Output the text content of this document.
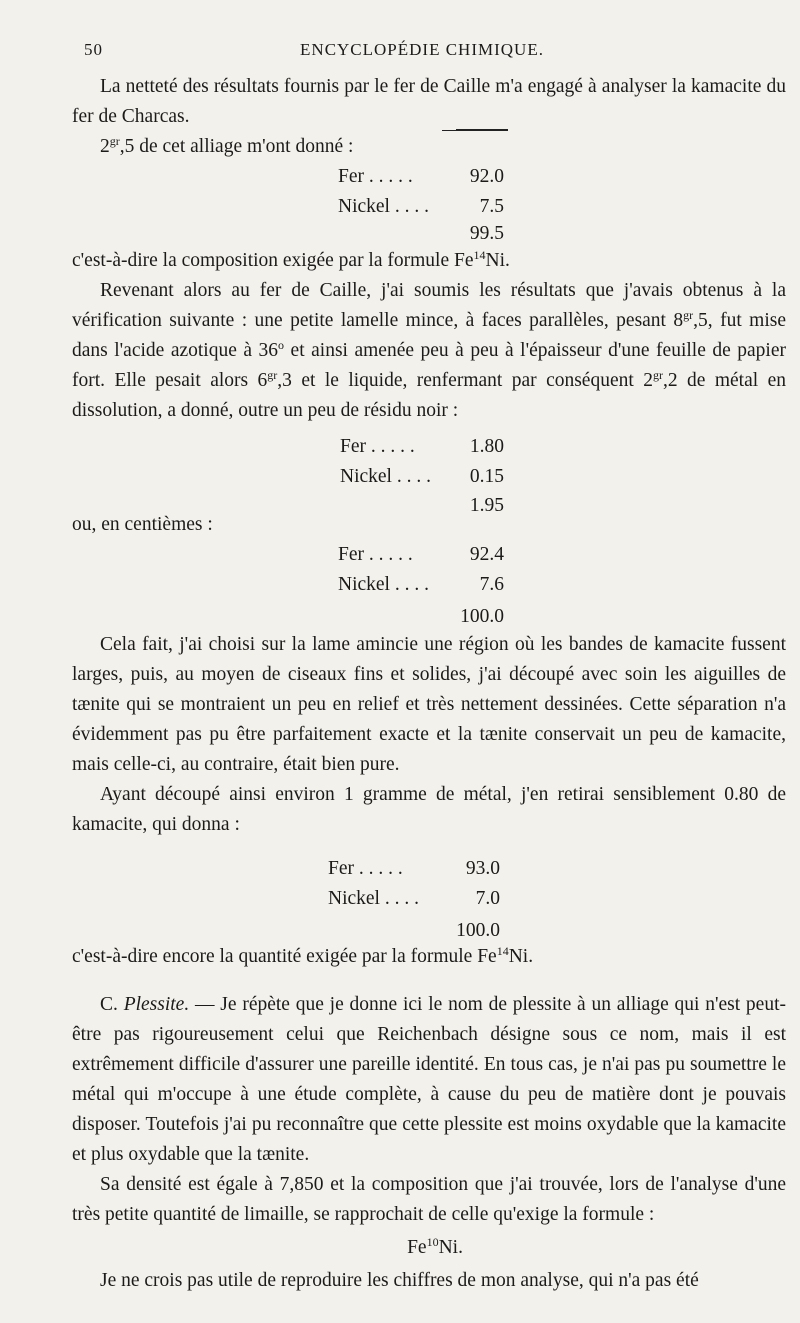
50	ENCYCLOPÉDIE CHIMIQUE.

La netteté des résultats fournis par le fer de Caille m'a engagé à analyser la kamacite du fer de Charcas.

$2^{gr},5$ de cet alliage m'ont donné :

Fer . . . . .	92.0
Nickel . . . .	7.5
99.5

c'est-à-dire la composition exigée par la formule Fe$^{14}$Ni.

Revenant alors au fer de Caille, j'ai soumis les résultats que j'avais obtenus à la vérification suivante : une petite lamelle mince, à faces parallèles, pesant $8^{gr},5$, fut mise dans l'acide azotique à 36$^o$ et ainsi amenée peu à peu à l'épaisseur d'une feuille de papier fort. Elle pesait alors $6^{gr},3$ et le liquide, renfermant par conséquent $2^{gr},2$ de métal en dissolution, a donné, outre un peu de résidu noir :

Fer . . . . .	1.80
Nickel . . . .	0.15
1.95

ou, en centièmes :

Fer . . . . .	92.4
Nickel . . . .	7.6
100.0

Cela fait, j'ai choisi sur la lame amincie une région où les bandes de kamacite fussent larges, puis, au moyen de ciseaux fins et solides, j'ai découpé avec soin les aiguilles de tænite qui se montraient un peu en relief et très nettement dessinées. Cette séparation n'a évidemment pas pu être parfaitement exacte et la tænite conservait un peu de kamacite, mais celle-ci, au contraire, était bien pure.

Ayant découpé ainsi environ 1 gramme de métal, j'en retirai sensiblement 0.80 de kamacite, qui donna :

Fer . . . . .	93.0
Nickel . . . .	7.0
100.0

c'est-à-dire encore la quantité exigée par la formule Fe$^{14}$Ni.

C. Plessite. — Je répète que je donne ici le nom de plessite à un alliage qui n'est peut-être pas rigoureusement celui que Reichenbach désigne sous ce nom, mais il est extrêmement difficile d'assurer une pareille identité. En tous cas, je n'ai pas pu soumettre le métal qui m'occupe à une étude complète, à cause du peu de matière dont je pouvais disposer. Toutefois j'ai pu reconnaître que cette plessite est moins oxydable que la kamacite et plus oxydable que la tænite.

Sa densité est égale à 7,850 et la composition que j'ai trouvée, lors de l'analyse d'une très petite quantité de limaille, se rapprochait de celle qu'exige la formule :

Fe$^{10}$Ni.

Je ne crois pas utile de reproduire les chiffres de mon analyse, qui n'a pas été
